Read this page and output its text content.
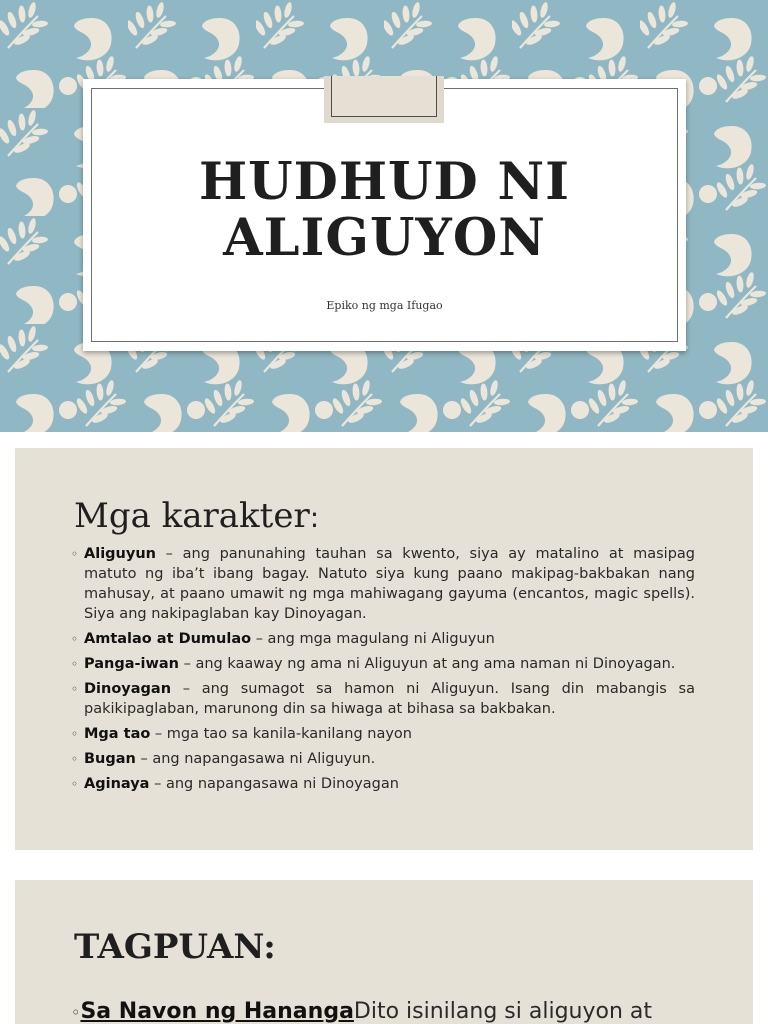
HUDHUD NI
ALIGUYON

Epiko ng mga Ifugao

Mga karakter:
◦ Aliguyun – ang panunahing tauhan sa kwento, siya ay matalino at masipag matuto ng iba’t ibang bagay. Natuto siya kung paano makipag-bakbakan nang mahusay, at paano umawit ng mga mahiwagang gayuma (encantos, magic spells). Siya ang nakipaglaban kay Dinoyagan.
◦ Amtalao at Dumulao – ang mga magulang ni Aliguyun
◦ Panga-iwan – ang kaaway ng ama ni Aliguyun at ang ama naman ni Dinoyagan.
◦ Dinoyagan – ang sumagot sa hamon ni Aliguyun. Isang din mabangis sa pakikipaglaban, marunong din sa hiwaga at bihasa sa bakbakan.
◦ Mga tao – mga tao sa kanila-kanilang nayon
◦ Bugan – ang napangasawa ni Aliguyun.
◦ Aginaya – ang napangasawa ni Dinoyagan
TAGPUAN:
◦Sa Navon ng HanangaDito isinilang si aliguyon at
